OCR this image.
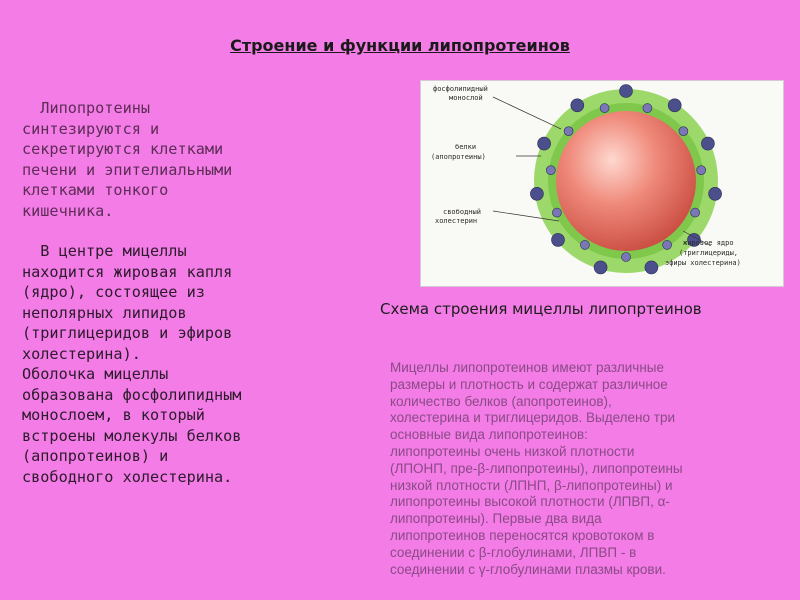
Строение и функции липопротеинов

Липопротеины
синтезируются и
секретируются клетками
печени и эпителиальными
клетками тонкого
кишечника.

В центре мицеллы
находится жировая капля
(ядро), состоящее из
неполярных липидов
(триглицеридов и эфиров
холестерина).
Оболочка мицеллы
образована фосфолипидным
монослоем, в который
встроены молекулы белков
(апопротеинов) и
свободного холестерина.

фосфолипидный
монослой
белки
(апопротеины)
свободный
холестерин
жировое ядро
(триглицериды,
эфиры холестерина)
Схема строения мицеллы липопртеинов
Мицеллы липопротеинов имеют различные
размеры и плотность и содержат различное
количество белков (апопротеинов),
холестерина и триглицеридов. Выделено три
основные вида липопротеинов:
липопротеины очень низкой плотности
(ЛПОНП, пре-β-липопротеины), липопротеины
низкой плотности (ЛПНП, β-липопротеины) и
липопротеины высокой плотности (ЛПВП, α-
липопротеины). Первые два вида
липопротеинов переносятся кровотоком в
соединении с β-глобулинами, ЛПВП - в
соединении с γ-глобулинами плазмы крови.
